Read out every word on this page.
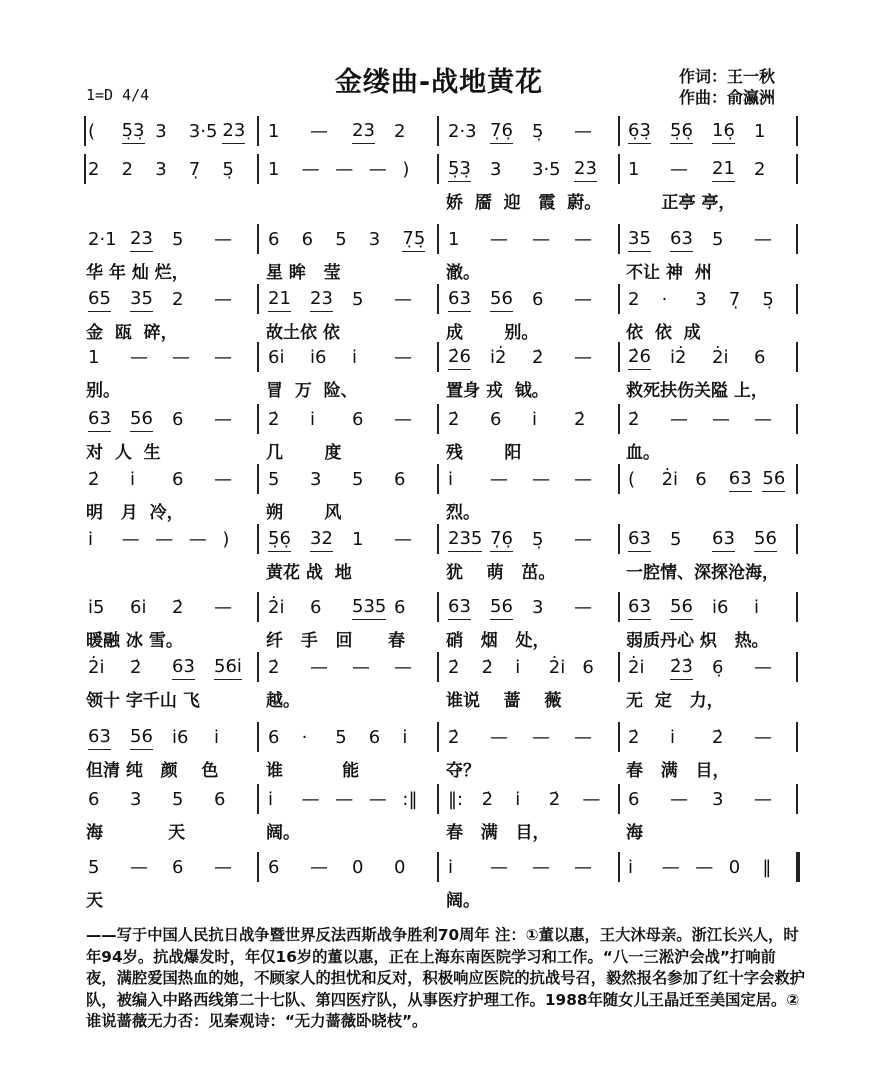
1=D 4/4	金缕曲-战地黄花	作词：王一秋
作曲：俞瀛洲
( 5̣3̣ 3 3·5 23 1 — 23 2 2·3 7̣6̣ 5̣ — 6̣3̣ 5̣6̣ 16̣ 1
2 2 3 7̣ 5̣ 1 — — — ) 5̣3̣ 3 3·5 23
娇  靥  迎   霞  蔚。
1 — 21 2
正亭 亭，
2·1 23 5 —
华 年 灿 烂，
6 6 5 3 7̣5̣
星 眸   莹
1 — — —
澈。
35 63 5 —
不让 神  州
65 35 2 —
金  瓯  碎，
21 23 5 —
故土依 依
63 56 6 —
成       别。
2 · 3 7̣ 5̣
依  依  成
1 — — —
别。
6i̇ i̇6 i̇ —
冒  万  险、
2̇6 i̇2̇ 2̇ —
置身 戎  钺。
2̇6 i̇2̇ 2̇i̇ 6
救死扶伤关隘 上，
63 56 6 —
对  人  生
2̇ i̇ 6 —
几       度
2̇ 6 i̇ 2̇
残       阳
2̇ — — —
血。
2̇ i̇ 6 —
明   月  冷，
5 3 5 6
朔       风
i̇ — — —
烈。
( 2̇i̇ 6 63 56
i̇ — — — ) 5̣6̣ 32 1 —
黄花 战  地
235 7̣6̣ 5̣ —
犹    萌   茁。
63 5 63 56
一腔情、深探沧海，
i̇5 6i̇ 2̇ —
暖融 冰 雪。
2̇i̇ 6 535 6
纤   手   回      春
63 56 3 —
硝   烟   处，
63 56 i̇6 i̇
弱质丹心 炽   热。
2̇i̇ 2̇ 63 56i̇
领十 字千山 飞
2̇ — — —
越。
2̇ 2̇ i̇ 2̇i̇ 6
谁说    蔷    薇
2̇i̇ 2̇3̇ 6̣ —
无  定   力，
63 56 i̇6 i̇
但清 纯   颜    色
6 · 5 6 i̇
谁          能
2̇ — — —
夺？
2̇ i̇ 2̇ —
春   满   目，
6 3 5 6
海           天
i̇ — — — :‖
阔。
‖: 2̇ i̇ 2̇ —
春   满   目，
6 — 3 —
海
5 — 6 —
天
6 — 0 0 i̇ — — —
阔。
i̇ — — 0 ‖
——写于中国人民抗日战争暨世界反法西斯战争胜利70周年 注：①董以惠，王大沐母亲。浙江长兴人，时年94岁。抗战爆发时，年仅16岁的董以惠，正在上海东南医院学习和工作。“八一三淞沪会战”打响前夜，满腔爱国热血的她，不顾家人的担忧和反对，积极响应医院的抗战号召，毅然报名参加了红十字会救护队，被编入中路西线第二十七队、第四医疗队，从事医疗护理工作。1988年随女儿王晶迁至美国定居。②谁说蔷薇无力否：见秦观诗：“无力蔷薇卧晓枝”。
